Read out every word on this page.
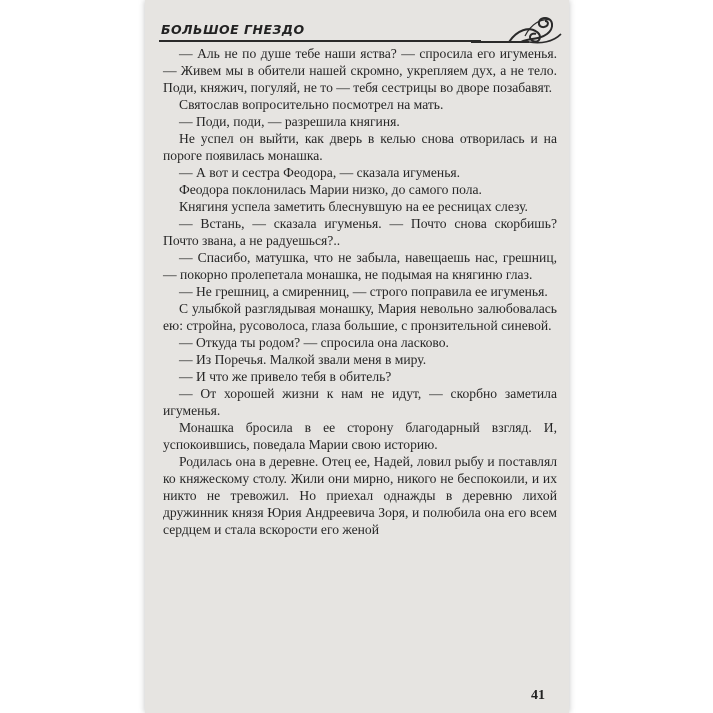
БОЛЬШОЕ ГНЕЗДО

— Аль не по душе тебе наши яства? — спросила его игуменья. — Живем мы в обители нашей скромно, укрепляем дух, а не тело. Поди, княжич, погуляй, не то — тебя сестрицы во дворе позабавят.

Святослав вопросительно посмотрел на мать.

— Поди, поди, — разрешила княгиня.

Не успел он выйти, как дверь в келью снова отворилась и на пороге появилась монашка.

— А вот и сестра Феодора, — сказала игуменья.

Феодора поклонилась Марии низко, до самого пола.

Княгиня успела заметить блеснувшую на ее ресницах слезу.

— Встань, — сказала игуменья. — Почто снова скорбишь? Почто звана, а не радуешься?..

— Спасибо, матушка, что не забыла, навещаешь нас, грешниц, — покорно пролепетала монашка, не подымая на княгиню глаз.

— Не грешниц, а смиренниц, — строго поправила ее игуменья.

С улыбкой разглядывая монашку, Мария невольно залюбовалась ею: стройна, русоволоса, глаза большие, с пронзительной синевой.

— Откуда ты родом? — спросила она ласково.

— Из Поречья. Малкой звали меня в миру.

— И что же привело тебя в обитель?

— От хорошей жизни к нам не идут, — скорбно заметила игуменья.

Монашка бросила в ее сторону благодарный взгляд. И, успокоившись, поведала Марии свою историю.

Родилась она в деревне. Отец ее, Надей, ловил рыбу и поставлял ко княжескому столу. Жили они мирно, никого не беспокоили, и их никто не тревожил. Но приехал однажды в деревню лихой дружинник князя Юрия Андреевича Зоря, и полюбила она его всем сердцем и стала вскорости его женой

41
